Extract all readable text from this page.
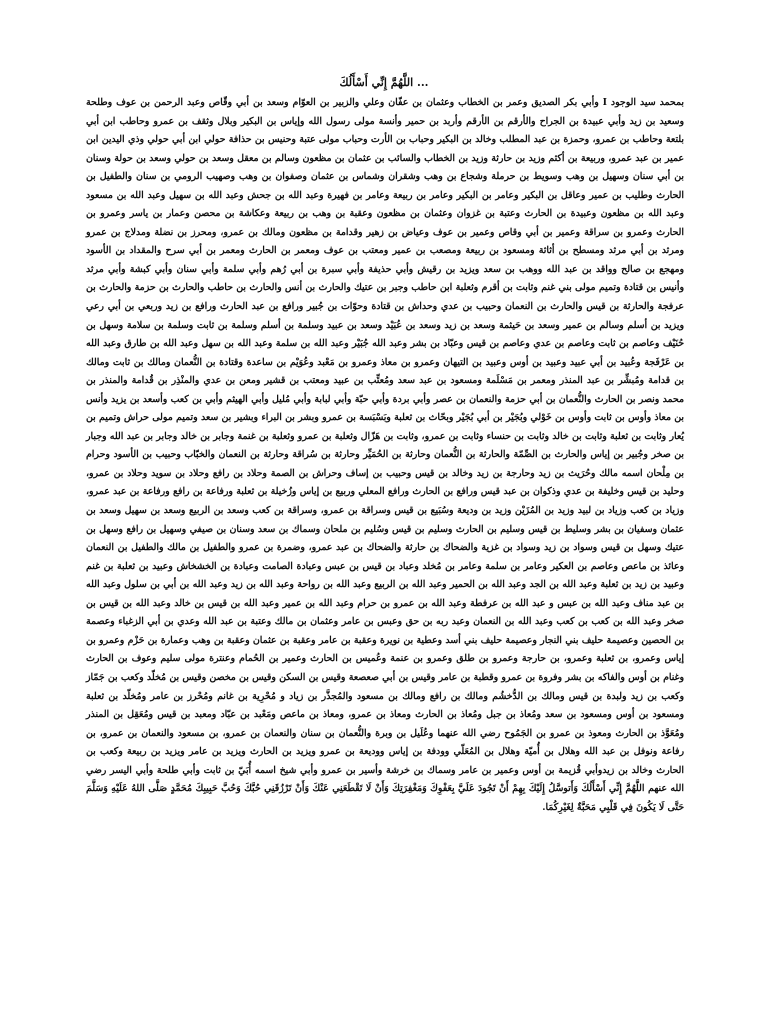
اللَّهُمَّ إِنِّي أَسْأَلُكَ ...
بمحمد سيد الوجود I وأبي بكر الصديق وعمر بن الخطاب وعثمان بن عفّان وعلي والزبير بن العوّام وسعد بن أبي وقّاص وعبد الرحمن بن عوف وطلحة وسعيد بن زيد وأبي عبيدة بن الجراح والأرقم بن الأرقم وأربد بن حمير وأنسة مولى رسول الله وإياس بن البكير وبلال وثقف بن عمرو وحاطب ابن أبي بلتعة وحاطب بن عمرو، وحمزة بن عبد المطلب وخالد بن البكير وحباب بن الأرت وحباب مولى عتبة وحنيس بن حذافة حولي ابن أبي حولي وذي اليدين ابن عمير بن عبد عمرو، وربيعة بن أكثم وزيد بن حارثة وزيد بن الخطاب والسائب بن عثمان بن مظعون وسالم بن معقل وسعد بن حولي وسعد بن حولة وسنان بن أبي سنان وسهيل بن وهب وسويط بن حرملة وشجاع بن وهب وشقران وشماس بن عثمان وصفوان بن وهب وصهيب الرومي بن سنان والطفيل بن الحارث وطليب بن عمير وعاقل بن البكير وعامر بن البكير وعامر بن ربيعة وعامر بن فهيرة وعبد الله بن جحش وعبد الله بن سهيل وعبد الله بن مسعود وعبد الله بن مظعون وعبيدة بن الحارث وعتبة بن غزوان وعثمان بن مظعون وعقبة بن وهب بن ربيعة وعكاشة بن محصن وعمار بن ياسر وعمرو بن الحارث وعمرو بن سراقة وعمير بن أبي وقاص وعمير بن عوف وعياض بن زهير وقدامة بن مظعون ومالك بن عمرو، ومحرز بن نضلة ومدلاج بن عمرو ومرثد بن أبي مرثد ومسطح بن أثاثة ومسعود بن ربيعة ومصعب بن عمير ومعتب بن عوف ومعمر بن الحارث ومعمر بن أبي سرح والمقداد بن الأسود ومهجع بن صالح وواقد بن عبد الله ووهب بن سعد ويزيد بن رقيش وأبي حذيفة وأبي سبرة بن أبي رُهم وأبي سلمة وأبي سنان وأبي كبشة وأبي مرثد وأنيس بن قتادة وتميم مولى بني غنم وثابت بن أقرم وثعلبة ابن حاطب وجبر بن عتيك والحارث بن أنس والحارث بن حاطب والحارث بن حزمة والحارث بن عرفجة والحارثة بن قيس والحارث بن النعمان وحبيب بن عدي وحداش بن قتادة وحوّات بن جُبير ورافع بن عبد الحارث ورافع بن زيد وربعي بن أبي رعي ويزيد بن أسلم وسالم بن عمير وسعد بن حَيثمة وسعد بن زيد وسعد بن عُبَيْد وسعد بن عبيد وسلمة بن أسلم وسلمة بن ثابت وسلمة بن سلامة وسهل بن حُنَيْف وعاصم بن ثابت وعاصم بن عدي وعاصم بن قيس وعبّاد بن بشر وعبد الله جُبَيْر وعبد الله بن سلمة وعبد الله بن سهل وعبد الله بن طارق وعبد الله بن عَرْفَجة وعُبيد بن أبي عبيد وعبيد بن أوس وعبيد بن التيهان وعمرو بن معاذ وعمرو بن مَعْبد وعُوَيْم بن ساعدة وقتادة بن النُّعمان ومالك بن ثابت ومالك بن قدامة ومُبشِّر بن عبد المنذر ومعمر بن مَسْلَمة ومسعود بن عبد سعد ومُعتِّب بن عبيد ومعتب بن قشير ومعن بن عدي والمنْذِر بن قُدامة والمنذر بن محمد ونصر بن الحارث والنُّعمان بن أبي حزمة والنعمان بن عصر وأبي بردة وأبي حبّة وأبي لبابة وأبي مُليل وأبي الهيثم وأبي بن كعب وأسعد بن يزيد وأنس بن معاذ وأوس بن ثابت وأوس بن خَوْلي وبُجَيْر بن أبي بُجَيْر وبحّاث بن ثعلبة وبَسْبَسة بن عمرو وبشر بن البراء وبشير بن سعد وتميم مولى حراش وتميم بن يُعار وثابت بن ثعلبة وثابت بن خالد وثابت بن حنساء وثابت بن عمرو، وثابت بن هَزّال وثعلبة بن عمرو وثعلبة بن غنمة وجابر بن خالد وجابر بن عبد الله وجبار بن صخر وجُبير بن إياس والحارث بن الصِّمّة والحارثة بن النُّعمان وحارثة بن الحُمَيِّر وحارثة بن سُراقة وحارثة بن النعمان والخبّاب وحبيب بن الأسود وحرام بن مِلْحان اسمه مالك وحُرَيث بن زيد وحارجة بن زيد وخالد بن قيس وحبيب بن إساف وحراش بن الصمة وحلاد بن رافع وحلاد بن سويد وحلاد بن عمرو، وحليد بن قيس وخليفة بن عدي وذكوان بن عبد قيس ورافع بن الحارث ورافع المعلي وربيع بن إياس وزُخيلة بن ثعلبة ورفاعة بن رافع ورفاعة بن عبد عمرو، وزياد بن كعب وزياد بن لبيد وزيد بن المُزَيْن وزيد بن وديعة وسُبَيع بن قيس وسراقة بن عمرو، وسراقة بن كعب وسعد بن الربيع وسعد بن سهيل وسعد بن عثمان وسفيان بن بشر وسليط بن قيس وسليم بن الحارث وسليم بن قيس وسُليم بن ملحان وسماك بن سعد وسنان بن صيفي وسهيل بن رافع وسهل بن عتيك وسهل بن قيس وسواد بن زيد وسواد بن غزية والضحاك بن حارثة والضحاك بن عبد عمرو، وضمرة بن عمرو والطفيل بن مالك والطفيل بن النعمان وعائذ بن ماعص وعاصم بن العكير وعامر بن سلمة وعامر بن مُخلد وعباد بن قيس بن عبس وعبادة الصامت وعبادة بن الخشخاش وعبيد بن ثعلبة بن غنم وعبيد بن زيد بن ثعلبة وعبد الله بن الجد وعبد الله بن الحمير وعبد الله بن الربيع وعبد الله بن رواحة وعبد الله بن زيد وعبد الله بن أبي بن سلول وعبد الله بن عبد مناف وعبد الله بن عبس و عبد الله بن عرفطة وعبد الله بن عمرو بن حرام وعبد الله بن عمير وعبد الله بن قيس بن خالد وعبد الله بن قيس بن صخر وعبد الله بن كعب بن كعب وعبد الله بن النعمان وعبد ربه بن حق وعبس بن عامر وعثمان بن مالك وعتبة بن عبد الله وعدي بن أبي الزغباء وعصمة بن الحصين وعصيمة حليف بني النجار وعصيمة حليف بني أسد وعطية بن نويرة وعقبة بن عامر وعقبة بن عثمان وعقبة بن وهب وعمارة بن حَزْم وعمرو بن إياس وعمرو، بن ثعلبة وعمرو، بن حارجة وعمرو بن طلق وعمرو بن عنمة وعُميس بن الحارث وعمير بن الحُمام وعنترة مولى سليم وعوف بن الحارث وغنام بن أوس والفاكه بن بشر وفروة بن عمرو وقطبة بن عامر وقيس بن أبي صعصعة وقيس بن السكن وقيس بن مخصن وقيس بن مُخلّد وكعب بن جَمّاز وكعب بن زيد ولبدة بن قيس ومالك بن الدُّخشُم ومالك بن رافع ومالك بن مسعود والمُجذَّر بن زياد و مُحْرِية بن غانم ومُحْرز بن عامر ومُخلّد بن ثعلبة ومسعود بن أوس ومسعود بن سعد ومُعاذ بن جبل ومُعاذ بن الحارث ومعاذ بن عمرو، ومعاذ بن ماعص ومَعْبد بن عبّاد ومعبد بن قيس ومُعَقِل بن المنذر ومُعَوَّذ بن الحارث ومعوذ بن عمرو بن الجَمُوح رضي الله عنهما وعُلَيل بن وبرة والنُّعمان بن سنان والنعمان بن عمرو، بن مسعود والنعمان بن عمرو، بن رفاعة ونوفل بن عبد الله وهلال بن أُميّة وهلال بن المُعَلّي وودفة بن إياس ووديعة بن عمرو ويزيد بن الحارث ويزيد بن عامر ويزيد بن ربيعة وكعب بن الحارث وخالد بن زيدوأبي قُزيمة بن أوس وعمير بن عامر وسماك بن خرشة وأسير بن عمرو وأبي شيخ اسمه أُبَيّ بن ثابت وأبي طلحة وأبي اليسر رضي الله عنهم اللَّهُمَّ إِنِّي أَسْأَلُكَ وَأَتوسَّلُ إِلَيْكَ بِهِمْ أَنْ تَجُودَ عَلَيَّ بِعَفْوِكَ وَمَغْفِرَتِكَ وَأَنْ لَا تَقْطَعَنِي عَنْكَ وَأَنْ تَرْزُقَنِي حُبَّكَ وَحُبَّ حَبِيبِكَ مُحَمَّدٍ صَلَّى اللهُ عَلَيْهِ وَسَلَّمَ حَتَّى لَا يَكُونَ فِي قَلْبِي مَحَبَّةٌ لِغَيْرِكُمَا.
